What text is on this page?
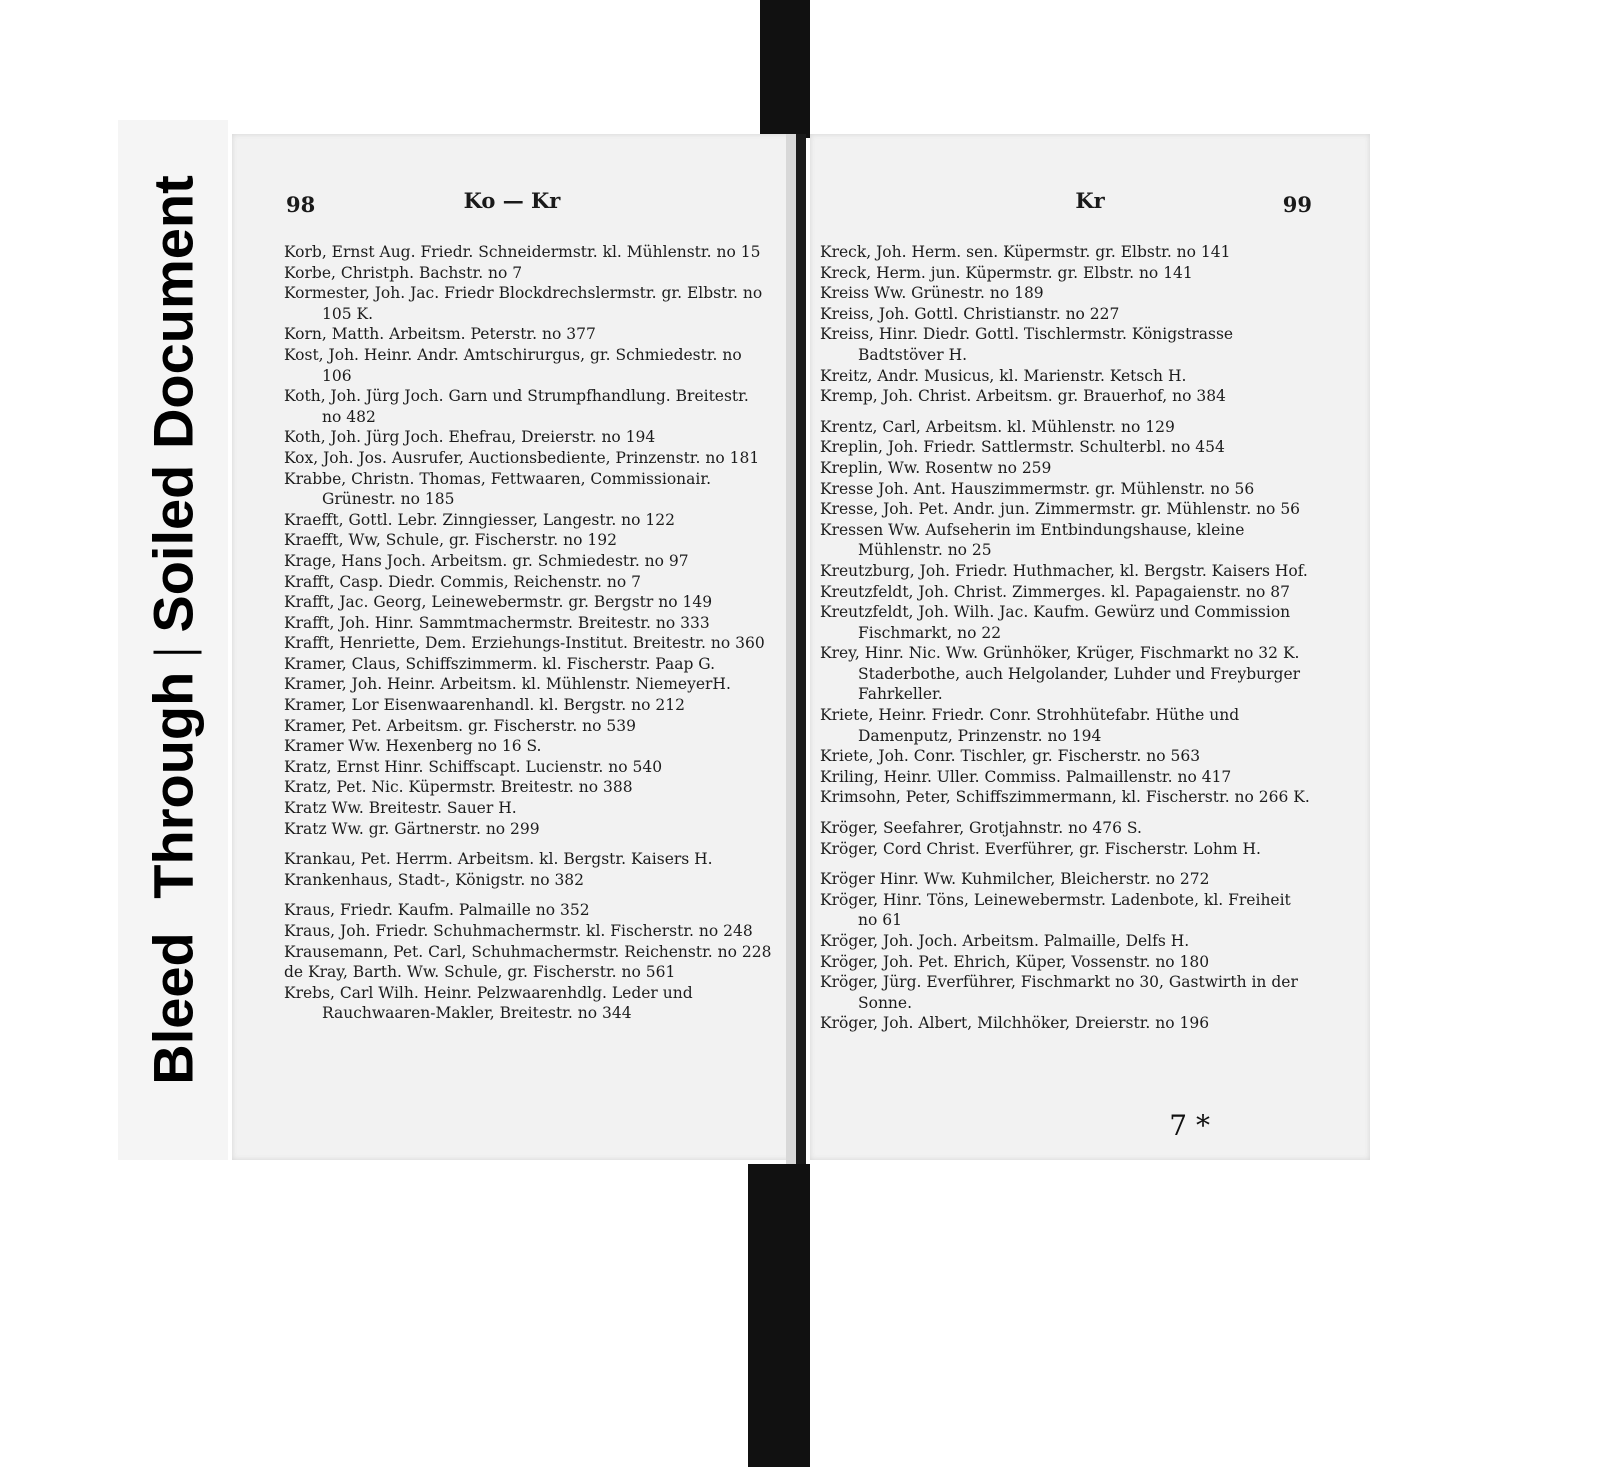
Bleed ThroughSoiled Document	98	Ko — Kr

Korb, Ernst Aug. Friedr. Schneidermstr. kl. Mühlenstr. no 15

Korbe, Christph. Bachstr. no 7

Kormester, Joh. Jac. Friedr Blockdrechslermstr. gr. Elbstr. no 105 K.

Korn, Matth. Arbeitsm. Peterstr. no 377

Kost, Joh. Heinr. Andr. Amtschirurgus, gr. Schmiedestr. no 106

Koth, Joh. Jürg Joch. Garn und Strumpfhandlung. Breitestr. no 482

Koth, Joh. Jürg Joch. Ehefrau, Dreierstr. no 194

Kox, Joh. Jos. Ausrufer, Auctionsbediente, Prinzenstr. no 181

Krabbe, Christn. Thomas, Fettwaaren, Commissionair. Grünestr. no 185

Kraefft, Gottl. Lebr. Zinngiesser, Langestr. no 122

Kraefft, Ww, Schule, gr. Fischerstr. no 192

Krage, Hans Joch. Arbeitsm. gr. Schmiedestr. no 97

Krafft, Casp. Diedr. Commis, Reichenstr. no 7

Krafft, Jac. Georg, Leinewebermstr. gr. Bergstr no 149

Krafft, Joh. Hinr. Sammtmachermstr. Breitestr. no 333

Krafft, Henriette, Dem. Erziehungs-Institut. Breitestr. no 360

Kramer, Claus, Schiffszimmerm. kl. Fischerstr. Paap G.

Kramer, Joh. Heinr. Arbeitsm. kl. Mühlenstr. NiemeyerH.

Kramer, Lor Eisenwaarenhandl. kl. Bergstr. no 212

Kramer, Pet. Arbeitsm. gr. Fischerstr. no 539

Kramer Ww. Hexenberg no 16 S.

Kratz, Ernst Hinr. Schiffscapt. Lucienstr. no 540

Kratz, Pet. Nic. Küpermstr. Breitestr. no 388

Kratz Ww. Breitestr. Sauer H.

Kratz Ww. gr. Gärtnerstr. no 299

Krankau, Pet. Herrm. Arbeitsm. kl. Bergstr. Kaisers H.

Krankenhaus, Stadt-, Königstr. no 382

Kraus, Friedr. Kaufm. Palmaille no 352

Kraus, Joh. Friedr. Schuhmachermstr. kl. Fischerstr. no 248

Krausemann, Pet. Carl, Schuhmachermstr. Reichenstr. no 228

de Kray, Barth. Ww. Schule, gr. Fischerstr. no 561

Krebs, Carl Wilh. Heinr. Pelzwaarenhdlg. Leder und Rauchwaaren-Makler, Breitestr. no 344

Kr	99

Kreck, Joh. Herm. sen. Küpermstr. gr. Elbstr. no 141

Kreck, Herm. jun. Küpermstr. gr. Elbstr. no 141

Kreiss Ww. Grünestr. no 189

Kreiss, Joh. Gottl. Christianstr. no 227

Kreiss, Hinr. Diedr. Gottl. Tischlermstr. Königstrasse Badtstöver H.

Kreitz, Andr. Musicus, kl. Marienstr. Ketsch H.

Kremp, Joh. Christ. Arbeitsm. gr. Brauerhof, no 384

Krentz, Carl, Arbeitsm. kl. Mühlenstr. no 129

Kreplin, Joh. Friedr. Sattlermstr. Schulterbl. no 454

Kreplin, Ww. Rosentw no 259

Kresse Joh. Ant. Hauszimmermstr. gr. Mühlenstr. no 56

Kresse, Joh. Pet. Andr. jun. Zimmermstr. gr. Mühlenstr. no 56

Kressen Ww. Aufseherin im Entbindungshause, kleine Mühlenstr. no 25

Kreutzburg, Joh. Friedr. Huthmacher, kl. Bergstr. Kaisers Hof.

Kreutzfeldt, Joh. Christ. Zimmerges. kl. Papagaienstr. no 87

Kreutzfeldt, Joh. Wilh. Jac. Kaufm. Gewürz und Commission Fischmarkt, no 22

Krey, Hinr. Nic. Ww. Grünhöker, Krüger, Fischmarkt no 32 K. Staderbothe, auch Helgolander, Luhder und Freyburger Fahrkeller.

Kriete, Heinr. Friedr. Conr. Strohhütefabr. Hüthe und Damenputz, Prinzenstr. no 194

Kriete, Joh. Conr. Tischler, gr. Fischerstr. no 563

Kriling, Heinr. Uller. Commiss. Palmaillenstr. no 417

Krimsohn, Peter, Schiffszimmermann, kl. Fischerstr. no 266 K.

Kröger, Seefahrer, Grotjahnstr. no 476 S.

Kröger, Cord Christ. Everführer, gr. Fischerstr. Lohm H.

Kröger Hinr. Ww. Kuhmilcher, Bleicherstr. no 272

Kröger, Hinr. Töns, Leinewebermstr. Ladenbote, kl. Freiheit no 61

Kröger, Joh. Joch. Arbeitsm. Palmaille, Delfs H.

Kröger, Joh. Pet. Ehrich, Küper, Vossenstr. no 180

Kröger, Jürg. Everführer, Fischmarkt no 30, Gastwirth in der Sonne.

Kröger, Joh. Albert, Milchhöker, Dreierstr. no 196

7 *
